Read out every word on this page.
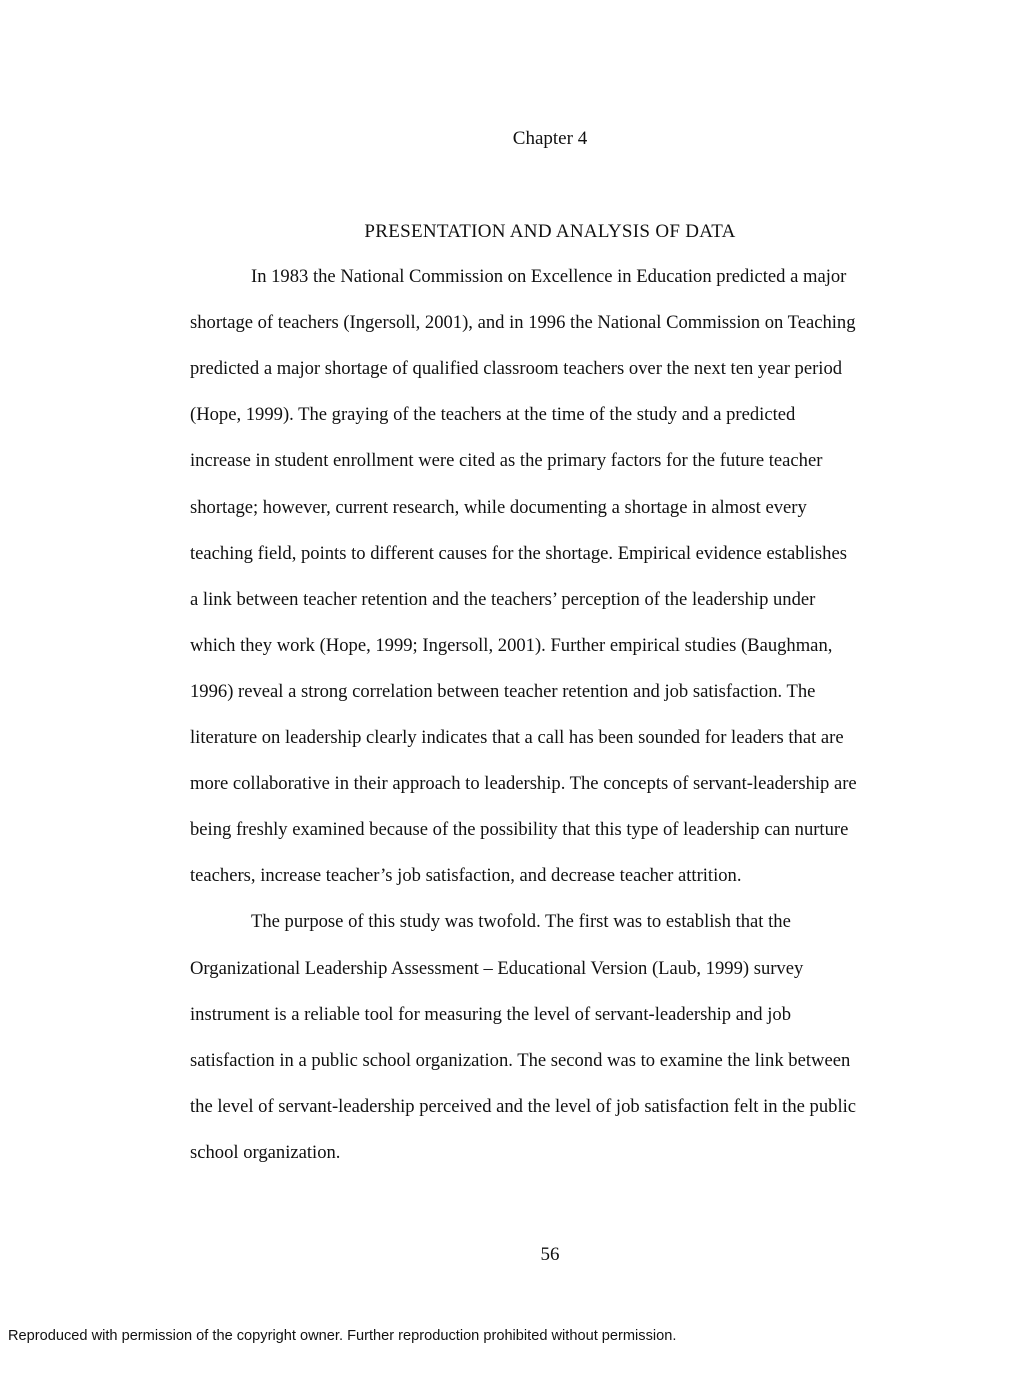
Chapter 4
PRESENTATION AND ANALYSIS OF DATA
In 1983 the National Commission on Excellence in Education predicted a major
shortage of teachers (Ingersoll, 2001), and in 1996 the National Commission on Teaching
predicted a major shortage of qualified classroom teachers over the next ten year period
(Hope, 1999). The graying of the teachers at the time of the study and a predicted
increase in student enrollment were cited as the primary factors for the future teacher
shortage; however, current research, while documenting a shortage in almost every
teaching field, points to different causes for the shortage. Empirical evidence establishes
a link between teacher retention and the teachers’ perception of the leadership under
which they work (Hope, 1999; Ingersoll, 2001). Further empirical studies (Baughman,
1996) reveal a strong correlation between teacher retention and job satisfaction. The
literature on leadership clearly indicates that a call has been sounded for leaders that are
more collaborative in their approach to leadership. The concepts of servant-leadership are
being freshly examined because of the possibility that this type of leadership can nurture
teachers, increase teacher’s job satisfaction, and decrease teacher attrition.
The purpose of this study was twofold. The first was to establish that the
Organizational Leadership Assessment – Educational Version (Laub, 1999) survey
instrument is a reliable tool for measuring the level of servant-leadership and job
satisfaction in a public school organization. The second was to examine the link between
the level of servant-leadership perceived and the level of job satisfaction felt in the public
school organization.
56
Reproduced with permission of the copyright owner. Further reproduction prohibited without permission.
